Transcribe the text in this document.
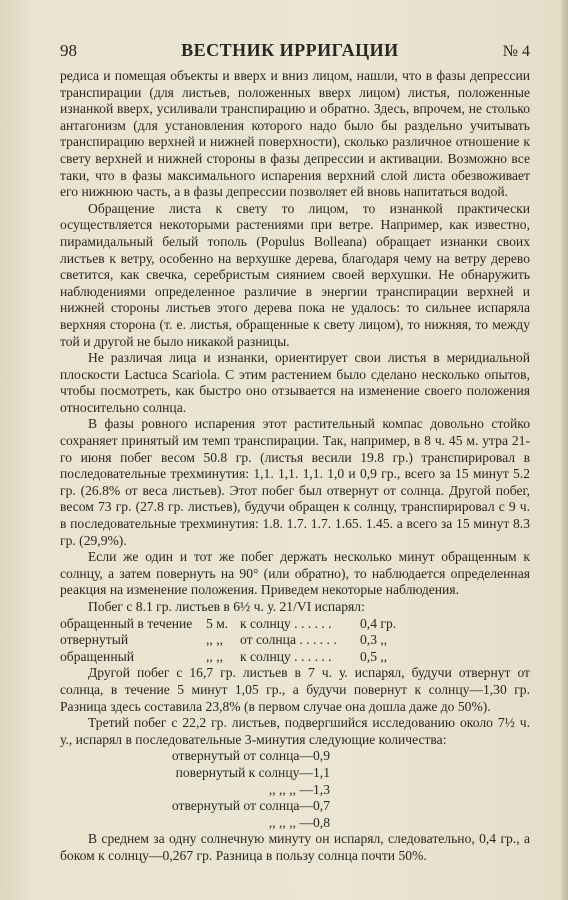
98	ВЕСТНИК ИРРИГАЦИИ	№ 4

редиса и помещая объекты и вверх и вниз лицом, нашли, что в фазы депрессии транспирации (для листьев, положенных вверх лицом) листья, положенные изнанкой вверх, усиливали транспирацию и обратно. Здесь, впрочем, не столько антагонизм (для установления которого надо было бы раздельно учитывать транспирацию верхней и нижней поверхности), сколько различное отношение к свету верхней и нижней стороны в фазы депрессии и активации. Возможно все таки, что в фазы максимального испарения верхний слой листа обезвоживает его нижнюю часть, а в фазы депрессии позволяет ей вновь напитаться водой.

Обращение листа к свету то лицом, то изнанкой практически осуществляется некоторыми растениями при ветре. Например, как известно, пирамидальный белый тополь (Populus Bolleana) обращает изнанки своих листьев к ветру, особенно на верхушке дерева, благодаря чему на ветру дерево светится, как свечка, серебристым сиянием своей верхушки. Не обнаружить наблюдениями определенное различие в энергии транспирации верхней и нижней стороны листьев этого дерева пока не удалось: то сильнее испаряла верхняя сторона (т. е. листья, обращенные к свету лицом), то нижняя, то между той и другой не было никакой разницы.

Не различая лица и изнанки, ориентирует свои листья в меридиальной плоскости Lactuca Scariola. С этим растением было сделано несколько опытов, чтобы посмотреть, как быстро оно отзывается на изменение своего положения относительно солнца.

В фазы ровного испарения этот растительный компас довольно стойко сохраняет принятый им темп транспирации. Так, например, в 8 ч. 45 м. утра 21-го июня побег весом 50.8 гр. (листья весили 19.8 гр.) транспирировал в последовательные трехминутия: 1,1. 1,1. 1,1. 1,0 и 0,9 гр., всего за 15 минут 5.2 гр. (26.8% от веса листьев). Этот побег был отвернут от солнца. Другой побег, весом 73 гр. (27.8 гр. листьев), будучи обращен к солнцу, транспирировал с 9 ч. в последовательные трехминутия: 1.8. 1.7. 1.7. 1.65. 1.45. а всего за 15 минут 8.3 гр. (29,9%).

Если же один и тот же побег держать несколько минут обращенным к солнцу, а затем повернуть на 90° (или обратно), то наблюдается определенная реакция на изменение положения. Приведем некоторые наблюдения.

Побег с 8.1 гр. листьев в 6½ ч. у. 21/VI испарял:

обращенный в течение	5 м. к солнцу . . . . . .	0,4 гр.
отвернутый	,, ,,	от солнца . . . . . .	0,3 ,,
обращенный	,, ,,	к солнцу . . . . . .	0,5 ,,

Другой побег с 16,7 гр. листьев в 7 ч. у. испарял, будучи отвернут от солнца, в течение 5 минут 1,05 гр., а будучи повернут к солнцу—1,30 гр. Разница здесь составила 23,8% (в первом случае она дошла даже до 50%).

Третий побег с 22,2 гр. листьев, подвергшийся исследованию около 7½ ч. у., испарял в последовательные 3-минутия следующие количества:

отвернутый от солнца—0,9
повернутый к солнцу—1,1
,, ,, ,, —1,3
отвернутый от солнца—0,7
,, ,, ,, —0,8

В среднем за одну солнечную минуту он испарял, следовательно, 0,4 гр., а боком к солнцу—0,267 гр. Разница в пользу солнца почти 50%.
